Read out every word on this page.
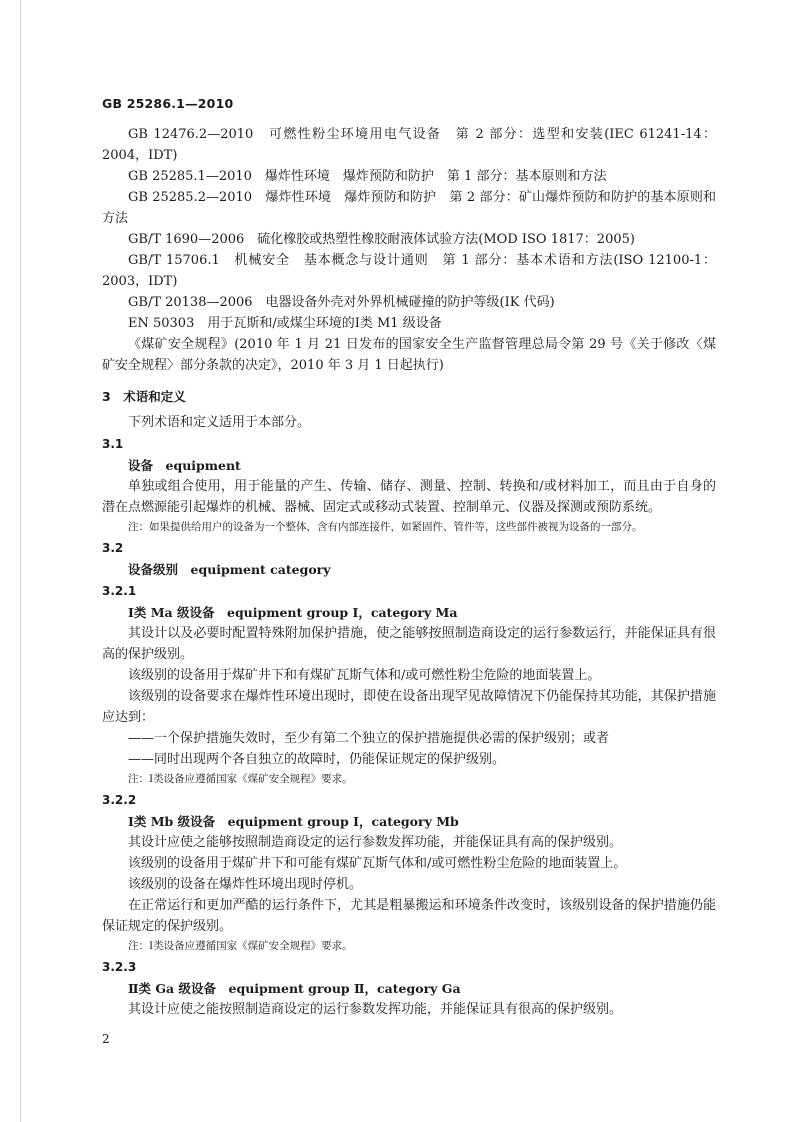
GB 25286.1—2010

GB 12476.2—2010　可燃性粉尘环境用电气设备　第 2 部分：选型和安装(IEC 61241-14：2004，IDT)

GB 25285.1—2010　爆炸性环境　爆炸预防和防护　第 1 部分：基本原则和方法

GB 25285.2—2010　爆炸性环境　爆炸预防和防护　第 2 部分：矿山爆炸预防和防护的基本原则和方法

GB/T 1690—2006　硫化橡胶或热塑性橡胶耐液体试验方法(MOD ISO 1817：2005)

GB/T 15706.1　机械安全　基本概念与设计通则　第 1 部分：基本术语和方法(ISO 12100-1：2003，IDT)

GB/T 20138—2006　电器设备外壳对外界机械碰撞的防护等级(IK 代码)

EN 50303　用于瓦斯和/或煤尘环境的Ⅰ类 M1 级设备

《煤矿安全规程》(2010 年 1 月 21 日发布的国家安全生产监督管理总局令第 29 号《关于修改〈煤矿安全规程〉部分条款的决定》，2010 年 3 月 1 日起执行)

3　术语和定义

下列术语和定义适用于本部分。

3.1

设备　equipment

单独或组合使用，用于能量的产生、传输、储存、测量、控制、转换和/或材料加工，而且由于自身的潜在点燃源能引起爆炸的机械、器械、固定式或移动式装置、控制单元、仪器及探测或预防系统。

注：如果提供给用户的设备为一个整体，含有内部连接件，如紧固件、管件等，这些部件被视为设备的一部分。

3.2

设备级别　equipment category

3.2.1

Ⅰ类 Ma 级设备　equipment group Ⅰ，category Ma

其设计以及必要时配置特殊附加保护措施，使之能够按照制造商设定的运行参数运行，并能保证具有很高的保护级别。

该级别的设备用于煤矿井下和有煤矿瓦斯气体和/或可燃性粉尘危险的地面装置上。

该级别的设备要求在爆炸性环境出现时，即使在设备出现罕见故障情况下仍能保持其功能，其保护措施应达到：

——一个保护措施失效时，至少有第二个独立的保护措施提供必需的保护级别；或者

——同时出现两个各自独立的故障时，仍能保证规定的保护级别。

注：Ⅰ类设备应遵循国家《煤矿安全规程》要求。

3.2.2

Ⅰ类 Mb 级设备　equipment group Ⅰ，category Mb

其设计应使之能够按照制造商设定的运行参数发挥功能，并能保证具有高的保护级别。

该级别的设备用于煤矿井下和可能有煤矿瓦斯气体和/或可燃性粉尘危险的地面装置上。

该级别的设备在爆炸性环境出现时停机。

在正常运行和更加严酷的运行条件下，尤其是粗暴搬运和环境条件改变时，该级别设备的保护措施仍能保证规定的保护级别。

注：Ⅰ类设备应遵循国家《煤矿安全规程》要求。

3.2.3

Ⅱ类 Ga 级设备　equipment group Ⅱ，category Ga

其设计应使之能按照制造商设定的运行参数发挥功能，并能保证具有很高的保护级别。

2
